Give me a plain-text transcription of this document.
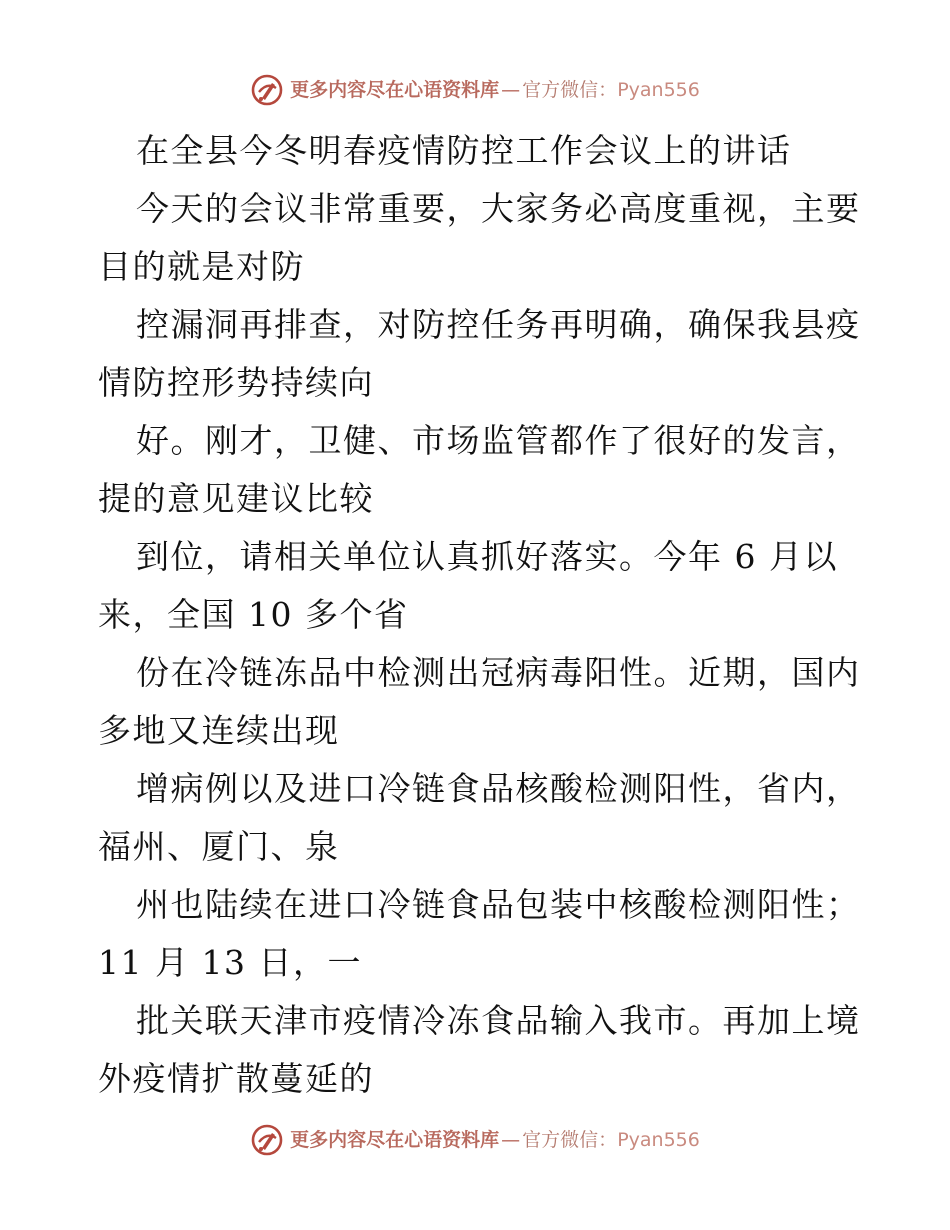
更多内容尽在心语资料库 — 官方微信：Pyan556
在全县今冬明春疫情防控工作会议上的讲话
今天的会议非常重要，大家务必高度重视，主要
目的就是对防
控漏洞再排查，对防控任务再明确，确保我县疫
情防控形势持续向
好。刚才，卫健、市场监管都作了很好的发言，
提的意见建议比较
到位，请相关单位认真抓好落实。今年 6 月以
来，全国 10 多个省
份在冷链冻品中检测出冠病毒阳性。近期，国内
多地又连续出现
增病例以及进口冷链食品核酸检测阳性，省内，
福州、厦门、泉
州也陆续在进口冷链食品包装中核酸检测阳性；
11 月 13 日，一
批关联天津市疫情冷冻食品输入我市。再加上境
外疫情扩散蔓延的
更多内容尽在心语资料库 — 官方微信：Pyan556
